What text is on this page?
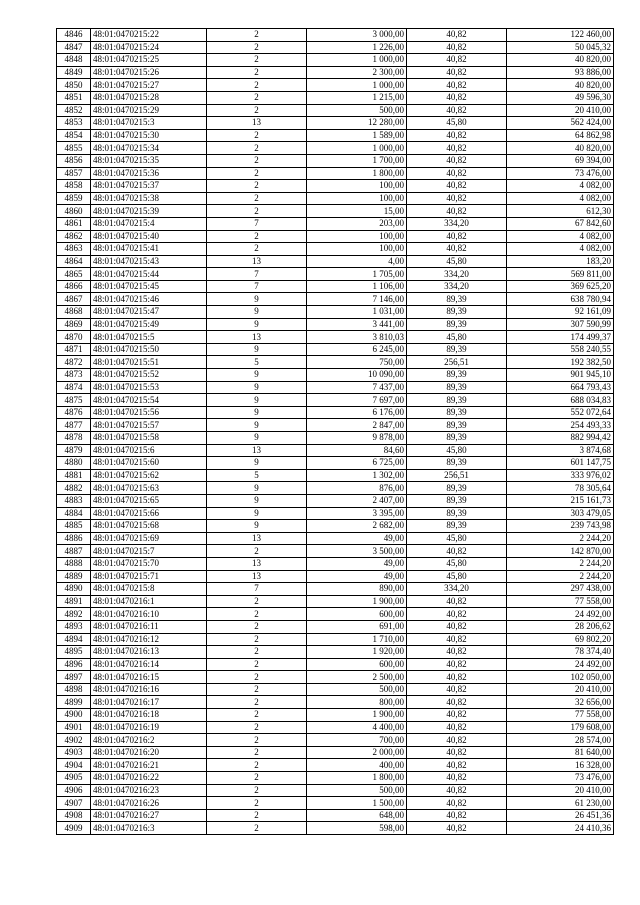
4846	48:01:0470215:22	2	3 000,00	40,82	122 460,00
4847	48:01:0470215:24	2	1 226,00	40,82	50 045,32
4848	48:01:0470215:25	2	1 000,00	40,82	40 820,00
4849	48:01:0470215:26	2	2 300,00	40,82	93 886,00
4850	48:01:0470215:27	2	1 000,00	40,82	40 820,00
4851	48:01:0470215:28	2	1 215,00	40,82	49 596,30
4852	48:01:0470215:29	2	500,00	40,82	20 410,00
4853	48:01:0470215:3	13	12 280,00	45,80	562 424,00
4854	48:01:0470215:30	2	1 589,00	40,82	64 862,98
4855	48:01:0470215:34	2	1 000,00	40,82	40 820,00
4856	48:01:0470215:35	2	1 700,00	40,82	69 394,00
4857	48:01:0470215:36	2	1 800,00	40,82	73 476,00
4858	48:01:0470215:37	2	100,00	40,82	4 082,00
4859	48:01:0470215:38	2	100,00	40,82	4 082,00
4860	48:01:0470215:39	2	15,00	40,82	612,30
4861	48:01:0470215:4	7	203,00	334,20	67 842,60
4862	48:01:0470215:40	2	100,00	40,82	4 082,00
4863	48:01:0470215:41	2	100,00	40,82	4 082,00
4864	48:01:0470215:43	13	4,00	45,80	183,20
4865	48:01:0470215:44	7	1 705,00	334,20	569 811,00
4866	48:01:0470215:45	7	1 106,00	334,20	369 625,20
4867	48:01:0470215:46	9	7 146,00	89,39	638 780,94
4868	48:01:0470215:47	9	1 031,00	89,39	92 161,09
4869	48:01:0470215:49	9	3 441,00	89,39	307 590,99
4870	48:01:0470215:5	13	3 810,03	45,80	174 499,37
4871	48:01:0470215:50	9	6 245,00	89,39	558 240,55
4872	48:01:0470215:51	5	750,00	256,51	192 382,50
4873	48:01:0470215:52	9	10 090,00	89,39	901 945,10
4874	48:01:0470215:53	9	7 437,00	89,39	664 793,43
4875	48:01:0470215:54	9	7 697,00	89,39	688 034,83
4876	48:01:0470215:56	9	6 176,00	89,39	552 072,64
4877	48:01:0470215:57	9	2 847,00	89,39	254 493,33
4878	48:01:0470215:58	9	9 878,00	89,39	882 994,42
4879	48:01:0470215:6	13	84,60	45,80	3 874,68
4880	48:01:0470215:60	9	6 725,00	89,39	601 147,75
4881	48:01:0470215:62	5	1 302,00	256,51	333 976,02
4882	48:01:0470215:63	9	876,00	89,39	78 305,64
4883	48:01:0470215:65	9	2 407,00	89,39	215 161,73
4884	48:01:0470215:66	9	3 395,00	89,39	303 479,05
4885	48:01:0470215:68	9	2 682,00	89,39	239 743,98
4886	48:01:0470215:69	13	49,00	45,80	2 244,20
4887	48:01:0470215:7	2	3 500,00	40,82	142 870,00
4888	48:01:0470215:70	13	49,00	45,80	2 244,20
4889	48:01:0470215:71	13	49,00	45,80	2 244,20
4890	48:01:0470215:8	7	890,00	334,20	297 438,00
4891	48:01:0470216:1	2	1 900,00	40,82	77 558,00
4892	48:01:0470216:10	2	600,00	40,82	24 492,00
4893	48:01:0470216:11	2	691,00	40,82	28 206,62
4894	48:01:0470216:12	2	1 710,00	40,82	69 802,20
4895	48:01:0470216:13	2	1 920,00	40,82	78 374,40
4896	48:01:0470216:14	2	600,00	40,82	24 492,00
4897	48:01:0470216:15	2	2 500,00	40,82	102 050,00
4898	48:01:0470216:16	2	500,00	40,82	20 410,00
4899	48:01:0470216:17	2	800,00	40,82	32 656,00
4900	48:01:0470216:18	2	1 900,00	40,82	77 558,00
4901	48:01:0470216:19	2	4 400,00	40,82	179 608,00
4902	48:01:0470216:2	2	700,00	40,82	28 574,00
4903	48:01:0470216:20	2	2 000,00	40,82	81 640,00
4904	48:01:0470216:21	2	400,00	40,82	16 328,00
4905	48:01:0470216:22	2	1 800,00	40,82	73 476,00
4906	48:01:0470216:23	2	500,00	40,82	20 410,00
4907	48:01:0470216:26	2	1 500,00	40,82	61 230,00
4908	48:01:0470216:27	2	648,00	40,82	26 451,36
4909	48:01:0470216:3	2	598,00	40,82	24 410,36
